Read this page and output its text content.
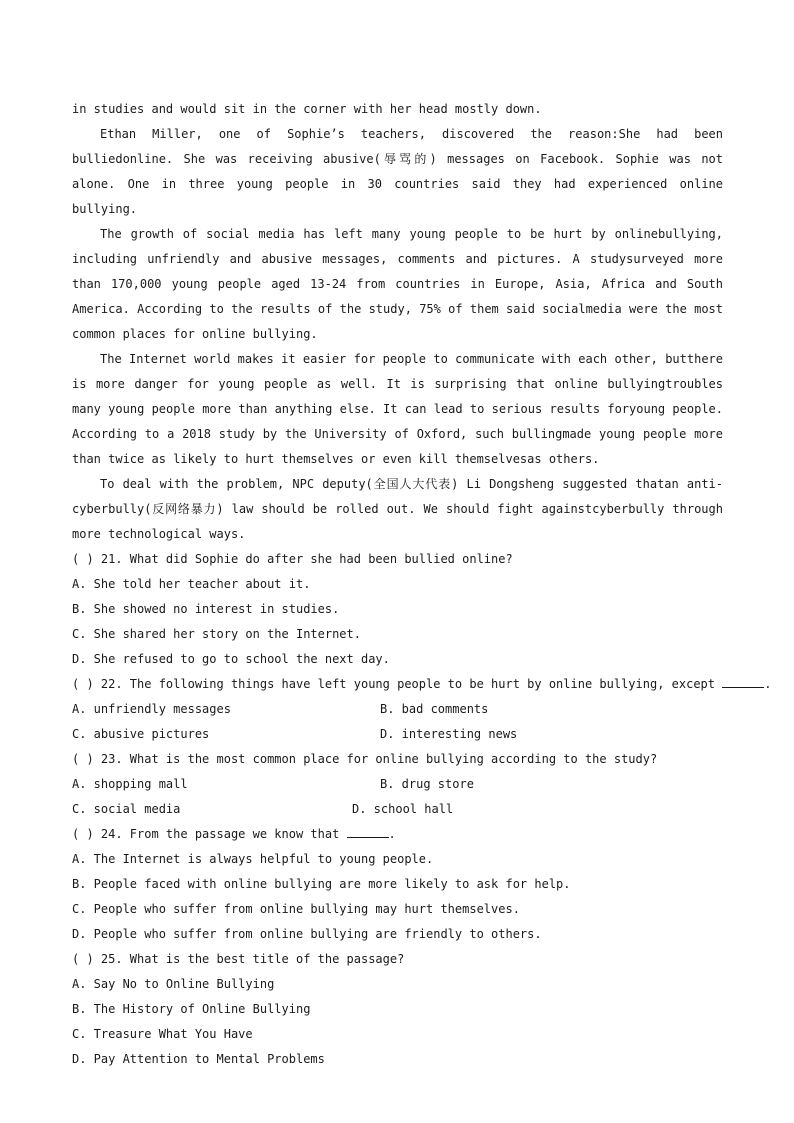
in studies and would sit in the corner with her head mostly down.

Ethan Miller, one of Sophie’s teachers, discovered the reason:She had been bulliedonline. She was receiving abusive(辱骂的) messages on Facebook. Sophie was not alone. One in three young people in 30 countries said they had experienced online bullying.

The growth of social media has left many young people to be hurt by onlinebullying, including unfriendly and abusive messages, comments and pictures. A studysurveyed more than 170,000 young people aged 13-24 from countries in Europe, Asia, Africa and South America. According to the results of the study, 75% of them said socialmedia were the most common places for online bullying.

The Internet world makes it easier for people to communicate with each other, butthere is more danger for young people as well. It is surprising that online bullyingtroubles many young people more than anything else. It can lead to serious results foryoung people. According to a 2018 study by the University of Oxford, such bullingmade young people more than twice as likely to hurt themselves or even kill themselvesas others.

To deal with the problem, NPC deputy(全国人大代表) Li Dongsheng suggested thatan anti-cyberbully(反网络暴力) law should be rolled out. We should fight againstcyberbully through more technological ways.

( ) 21. What did Sophie do after she had been bullied online?

A. She told her teacher about it.

B. She showed no interest in studies.

C. She shared her story on the Internet.

D. She refused to go to school the next day.

( ) 22. The following things have left young people to be hurt by online bullying, except	.

A. unfriendly messages	B. bad comments
C. abusive pictures	D. interesting news

( ) 23. What is the most common place for online bullying according to the study?

A. shopping mall	B. drug store
C. social media	D. school hall

( ) 24. From the passage we know that	.

A. The Internet is always helpful to young people.

B. People faced with online bullying are more likely to ask for help.

C. People who suffer from online bullying may hurt themselves.

D. People who suffer from online bullying are friendly to others.

( ) 25. What is the best title of the passage?

A. Say No to Online Bullying

B. The History of Online Bullying

C. Treasure What You Have

D. Pay Attention to Mental Problems
